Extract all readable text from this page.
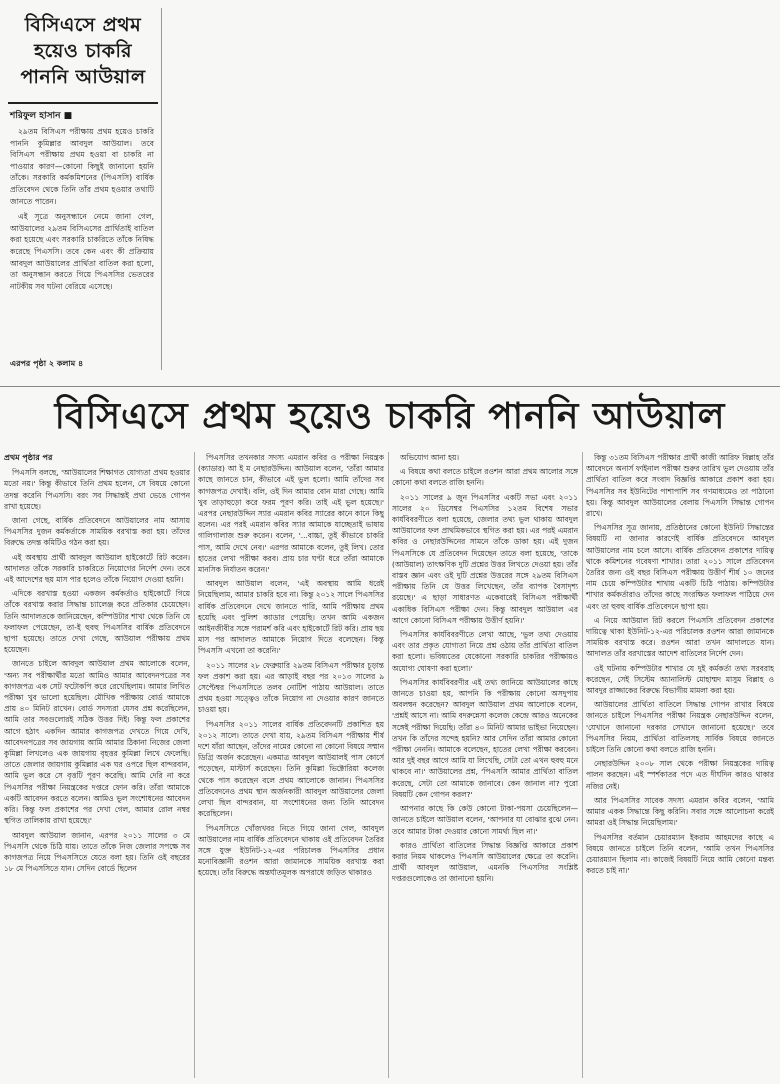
বিসিএসে প্রথম
হয়েও চাকরি
পাননি আউয়াল
শরিফুল হাসান ■

২৯তম বিসিএস পরীক্ষায় প্রথম হয়েও চাকরি পাননি কুমিল্লার আবদুল আউয়াল। তবে বিসিএস পরীক্ষায় প্রথম হওয়া বা চাকরি না পাওয়ার কারণ—কোনো কিছুই জানানো হয়নি তাঁকে। সরকারি কর্মকমিশনের (পিএসসি) বার্ষিক প্রতিবেদন থেকে তিনি তাঁর প্রথম হওয়ার তথ্যটি জানতে পারেন।

এই সূত্রে অনুসন্ধানে নেমে জানা গেল, আউয়ালের ২৯তম বিসিএসের প্রার্থিতাই বাতিল করা হয়েছে এবং সরকারি চাকরিতে তাঁকে নিষিদ্ধ করেছে পিএসসি। তবে কেন এবং কী প্রক্রিয়ায় আবদুল আউয়ালের প্রার্থিতা বাতিল করা হলো, তা অনুসন্ধান করতে গিয়ে পিএসসির ভেতরের নাটকীয় সব ঘটনা বেরিয়ে এসেছে।

এরপর পৃষ্ঠা ২ কলাম ৪
বিসিএসে প্রথম হয়েও চাকরি পাননি আউয়াল

প্রথম পৃষ্ঠার পর

পিএসসি বলছে, 'আউয়ালের শিক্ষাগত যোগ্যতা প্রথম হওয়ার মতো নয়।' কিন্তু কীভাবে তিনি প্রথম হলেন, সে বিষয়ে কোনো তদন্ত করেনি পিএসসি। বরং সব সিদ্ধান্তই প্রথা ভেঙে গোপন রাখা হয়েছে।

জানা গেছে, বার্ষিক প্রতিবেদনে আউয়ালের নাম আসায় পিএসসির দুজন কর্মকর্তাকে সাময়িক বরখাস্ত করা হয়। তাঁদের বিরুদ্ধে তদন্ত কমিটিও গঠন করা হয়।

এই অবস্থায় প্রার্থী আবদুল আউয়াল হাইকোর্টে রিট করেন। আদালত তাঁকে সরকারি চাকরিতে নিয়োগের নির্দেশ দেন। তবে এই আদেশের ছয় মাস পার হলেও তাঁকে নিয়োগ দেওয়া হয়নি।

এদিকে বরখাস্ত হওয়া একজন কর্মকর্তাও হাইকোর্টে গিয়ে তাঁকে বরখাস্ত করার সিদ্ধান্ত চ্যালেঞ্জ করে প্রতিকার চেয়েছেন। তিনি আদালতকে জানিয়েছেন, কম্পিউটার শাখা থেকে তিনি যে ফলাফল পেয়েছেন, তা-ই হুবহু পিএসসির বার্ষিক প্রতিবেদনে ছাপা হয়েছে। তাতে দেখা গেছে, আউয়াল পরীক্ষায় প্রথম হয়েছেন।

জানতে চাইলে আবদুল আউয়াল প্রথম আলোকে বলেন, 'অন্য সব পরীক্ষার্থীর মতো আমিও আমার আবেদনপত্রের সব কাগজপত্র এক সেট ফটোকপি করে রেখেছিলাম। আমার লিখিত পরীক্ষা খুব ভালো হয়েছিল। মৌখিক পরীক্ষায় বোর্ড আমাকে প্রায় ৪০ মিনিট রাখেন। বোর্ড সদস্যরা যেসব প্রশ্ন করেছিলেন, আমি তার সবগুলোরই সঠিক উত্তর দিই। কিন্তু ফল প্রকাশের আগে হঠাৎ একদিন আমার কাগজপত্র দেখতে গিয়ে দেখি, আবেদনপত্রের সব জায়গায় আমি আমার ঠিকানা নিজের জেলা কুমিল্লা লিখলেও এক জায়গায় বৃহত্তর কুমিল্লা লিখে ফেলেছি। তাতে জেলার জায়গায় কুমিল্লার এক ঘর ওপরে ছিল বান্দরবান, আমি ভুল করে সে বৃত্তটি পূরণ করেছি। আমি দেরি না করে পিএসসির পরীক্ষা নিয়ন্ত্রকের দপ্তরে ফোন করি। তাঁরা আমাকে একটি আবেদন করতে বলেন। আমিও ভুল সংশোধনের আবেদন করি। কিন্তু ফল প্রকাশের পর দেখা গেল, আমার রোল নম্বর স্থগিত তালিকায় রাখা হয়েছে।'

আবদুল আউয়াল জানান, এরপর ২০১১ সালের ৩ মে পিএসসি থেকে চিঠি যায়। তাতে তাঁকে নিজ জেলার সপক্ষে সব কাগজপত্র নিয়ে পিএসসিতে যেতে বলা হয়। তিনি ওই বছরের ১৮ মে পিএসসিতে যান। সেদিন বোর্ডে ছিলেন

পিএসসির তখনকার সদস্য এমরান কবির ও পরীক্ষা নিয়ন্ত্রক (ক্যাডার) আ ই ম নেছারউদ্দিন। আউয়াল বলেন, 'তাঁরা আমার কাছে জানতে চান, কীভাবে এই ভুল হলো। আমি তাঁদের সব কাগজপত্র দেখাই। বলি, ওই দিন আমার বোন মারা গেছে। আমি খুব তাড়াহুড়ো করে ফরম পূরণ করি। তাই এই ভুল হয়েছে।' এরপর নেছারউদ্দিন স্যার এমরান কবির স্যারের কানে কানে কিছু বলেন। এর পরই এমরান কবির স্যার আমাকে যাচ্ছেতাই ভাষায় গালিগালাজ শুরু করেন। বলেন, '...বাচ্চা, তুই কীভাবে চাকরি পাস, আমি দেখে নেব।' এরপর আমাকে বলেন, তুই লিখ। তোর হাতের লেখা পরীক্ষা করব। প্রায় চার ঘণ্টা ধরে তাঁরা আমাকে মানসিক নির্যাতন করেন।'

আবদুল আউয়াল বলেন, 'এই অবস্থায় আমি ধরেই নিয়েছিলাম, আমার চাকরি হবে না। কিন্তু ২০১২ সালে পিএসসির বার্ষিক প্রতিবেদনে দেখে জানতে পারি, আমি পরীক্ষায় প্রথম হয়েছি এবং পুলিশ ক্যাডার পেয়েছি। তখন আমি একজন আইনজীবীর সঙ্গে পরামর্শ করি এবং হাইকোর্টে রিট করি। প্রায় ছয় মাস পর আদালত আমাকে নিয়োগ দিতে বলেছেন। কিন্তু পিএসসি এখনো তা করেনি।'

২০১১ সালের ২৮ ফেব্রুয়ারি ২৯তম বিসিএস পরীক্ষার চূড়ান্ত ফল প্রকাশ করা হয়। এর আড়াই বছর পর ২০১৩ সালের ৯ সেপ্টেম্বর পিএসসিতে তলব নোটিশ পাঠায় আউয়াল। তাতে প্রথম হওয়া সত্ত্বেও তাঁকে নিয়োগ না দেওয়ার কারণ জানতে চাওয়া হয়।

পিএসসির ২০১১ সালের বার্ষিক প্রতিবেদনটি প্রকাশিত হয় ২০১২ সালে। তাতে দেখা যায়, ২৯তম বিসিএস পরীক্ষায় শীর্ষ দশে যাঁরা আছেন, তাঁদের নামের কোনো না কোনো বিষয়ে সম্মান ডিগ্রি অর্জন করেছেন। একমাত্র আবদুল আউয়ালই পাস কোর্সে পড়েছেন, মাস্টার্স করেছেন। তিনি কুমিল্লা ভিক্টোরিয়া কলেজ থেকে পাস করেছেন বলে প্রথম আলোকে জানান। পিএসসির প্রতিবেদনেও প্রথম স্থান অর্জনকারী আবদুল আউয়ালের জেলা লেখা ছিল বান্দরবান, যা সংশোধনের জন্য তিনি আবেদন করেছিলেন।

পিএসসিতে খোঁজখবর নিতে গিয়ে জানা গেল, আবদুল আউয়ালের নাম বার্ষিক প্রতিবেদনে থাকায় ওই প্রতিবেদন তৈরির সঙ্গে যুক্ত ইউনিট-১২-এর পরিচালক পিএসসির প্রধান মনোবিজ্ঞানী রওশন আরা জামানকে সাময়িক বরখাস্ত করা হয়েছে। তাঁর বিরুদ্ধে অন্তর্ঘাতমূলক অপরাধে জড়িত থাকারও

অভিযোগ আনা হয়।

এ বিষয়ে কথা বলতে চাইলে রওশন আরা প্রথম আলোর সঙ্গে কোনো কথা বলতে রাজি হননি।

২০১১ সালের ৯ জুন পিএসসির একটি সভা এবং ২০১১ সালের ২০ ডিসেম্বর পিএসসির ১২তম বিশেষ সভার কার্যবিবরণীতে বলা হয়েছে, জেলার তথ্য ভুল থাকায় আবদুল আউয়ালের ফল প্রাথমিকভাবে স্থগিত করা হয়। এর পরই এমরান কবির ও নেছারউদ্দিনের সামনে তাঁকে ডাকা হয়। এই দুজন পিএসসিকে যে প্রতিবেদন দিয়েছেন তাতে বলা হয়েছে, 'তাকে (আউয়াল) তাৎক্ষণিক দুটি প্রশ্নের উত্তর লিখতে দেওয়া হয়। তাঁর বাস্তব জ্ঞান এবং ওই দুটি প্রশ্নের উত্তরের সঙ্গে ২৯তম বিসিএস পরীক্ষায় তিনি যে উত্তর লিখেছেন, তাঁর ব্যাপক বৈসাদৃশ্য রয়েছে।' এ ছাড়া সাধারণত একেবারেই বিসিএস পরীক্ষার্থী একাধিক বিসিএস পরীক্ষা দেন। কিন্তু আবদুল আউয়াল এর আগে কোনো বিসিএস পরীক্ষায় উত্তীর্ণ হয়নি।'

পিএসসির কার্যবিবরণীতে লেখা আছে, 'ভুল তথ্য দেওয়ায় এবং তার প্রকৃত যোগ্যতা নিয়ে প্রশ্ন ওঠায় তাঁর প্রার্থিতা বাতিল করা হলো। ভবিষ্যতের যেকোনো সরকারি চাকরির পরীক্ষায়ও অযোগ্য ঘোষণা করা হলো।'

পিএসসির কার্যবিবরণীর এই তথ্য জানিয়ে আউয়ালের কাছে জানতে চাওয়া হয়, আপনি কি পরীক্ষায় কোনো অসদুপায় অবলম্বন করেছেন? আবদুল আউয়াল প্রথম আলোকে বলেন, 'প্রশ্নই আসে না। আমি বদরুন্নেসা কলেজ কেন্দ্রে আরও অনেকের সঙ্গেই পরীক্ষা দিয়েছি। তাঁরা ৪০ মিনিট আমার ভাইভা নিয়েছেন। তখন কি তাঁদের সন্দেহ হয়নি? আর সেদিন তাঁরা আমার কোনো পরীক্ষা নেননি। আমাকে বলেছেন, হাতের লেখা পরীক্ষা করবেন। আর দুই বছর আগে আমি যা লিখেছি, সেটা তো এখন হুবহু মনে থাকবে না।' আউয়ালের প্রশ্ন, 'পিএসসি আমার প্রার্থিতা বাতিল করেছে, সেটা তো আমাকে জানাবে। কেন জানাল না? পুরো বিষয়টি কেন গোপন করল?'

আপনার কাছে কি কেউ কোনো টাকা-পয়সা চেয়েছিলেন—জানতে চাইলে আউয়াল বলেন, 'আপনার যা বোঝার বুঝে নেন। তবে আমার টাকা দেওয়ার কোনো সামর্থ্য ছিল না।'

কারও প্রার্থিতা বাতিলের সিদ্ধান্ত বিজ্ঞপ্তি আকারে প্রকাশ করার নিয়ম থাকলেও পিএসসি আউয়ালের ক্ষেত্রে তা করেনি। প্রার্থী আবদুল আউয়াল, এমনকি পিএসসির সংশ্লিষ্ট দপ্তরগুলোকেও তা জানানো হয়নি।

কিন্তু ৩১তম বিসিএস পরীক্ষার প্রার্থী কাজী আরিফ বিল্লাহ তাঁর আবেদনে অনার্স ফাইনাল পরীক্ষা শুরুর তারিখ ভুল দেওয়ায় তাঁর প্রার্থিতা বাতিল করে সংবাদ বিজ্ঞপ্তি আকারে প্রকাশ করা হয়। পিএসসির সব ইউনিটের পাশাপাশি সব গণমাধ্যমেও তা পাঠানো হয়। কিন্তু আবদুল আউয়ালের বেলায় পিএসসি সিদ্ধান্ত গোপন রাখে।

পিএসসির সূত্র জানায়, প্রতিষ্ঠানের কোনো ইউনিট সিদ্ধান্তের বিষয়টি না জানার কারণেই বার্ষিক প্রতিবেদনে আবদুল আউয়ালের নাম চলে আসে। বার্ষিক প্রতিবেদন প্রকাশের দায়িত্ব থাকে কমিশনের গবেষণা শাখার। তারা ২০১১ সালে প্রতিবেদন তৈরির জন্য ওই বছর বিসিএস পরীক্ষায় উত্তীর্ণ শীর্ষ ১০ জনের নাম চেয়ে কম্পিউটার শাখায় একটি চিঠি পাঠায়। কম্পিউটার শাখার কর্মকর্তারাও তাঁদের কাছে সংরক্ষিত ফলাফল পাঠিয়ে দেন এবং তা হুবহু বার্ষিক প্রতিবেদনে ছাপা হয়।

এ নিয়ে আউয়াল রিট করলে পিএসসি প্রতিবেদন প্রকাশের দায়িত্বে থাকা ইউনিট-১২-এর পরিচালক রওশন আরা জামানকে সাময়িক বরখাস্ত করে। রওশন আরা তখন আদালতে যান। আদালত তাঁর বরখাস্তের আদেশ বাতিলের নির্দেশ দেন।

ওই ঘটনায় কম্পিউটার শাখার যে দুই কর্মকর্তা তথ্য সরবরাহ করেছেন, সেই সিস্টেম অ্যানালিস্ট মোহাম্মদ মাসুম বিল্লাহ ও আবদুর রাজ্জাকের বিরুদ্ধে বিভাগীয় মামলা করা হয়।

আউয়ালের প্রার্থিতা বাতিলে সিদ্ধান্ত গোপন রাখার বিষয়ে জানতে চাইলে পিএসসির পরীক্ষা নিয়ন্ত্রক নেছারউদ্দিন বলেন, 'যেখানে জানানো দরকার সেখানে জানানো হয়েছে।' তবে পিএসসির নিয়ম, প্রার্থিতা বাতিলসহ সার্বিক বিষয়ে জানতে চাইলে তিনি কোনো কথা বলতে রাজি হননি।

নেছারউদ্দিন ২০০৮ সাল থেকে পরীক্ষা নিয়ন্ত্রকের দায়িত্ব পালন করছেন। এই স্পর্শকাতর পদে এত দীর্ঘদিন কারও থাকার নজির নেই।

আর পিএসসির সাবেক সদস্য এমরান কবির বলেন, 'আমি আমার একক সিদ্ধান্তে কিছু করিনি। সবার সঙ্গে আলোচনা করেই আমরা ওই সিদ্ধান্ত নিয়েছিলাম।'

পিএসসির বর্তমান চেয়ারম্যান ইকরাম আহমদের কাছে এ বিষয়ে জানতে চাইলে তিনি বলেন, 'আমি তখন পিএসসির চেয়ারম্যান ছিলাম না। কাজেই বিষয়টি নিয়ে আমি কোনো মন্তব্য করতে চাই না।'
